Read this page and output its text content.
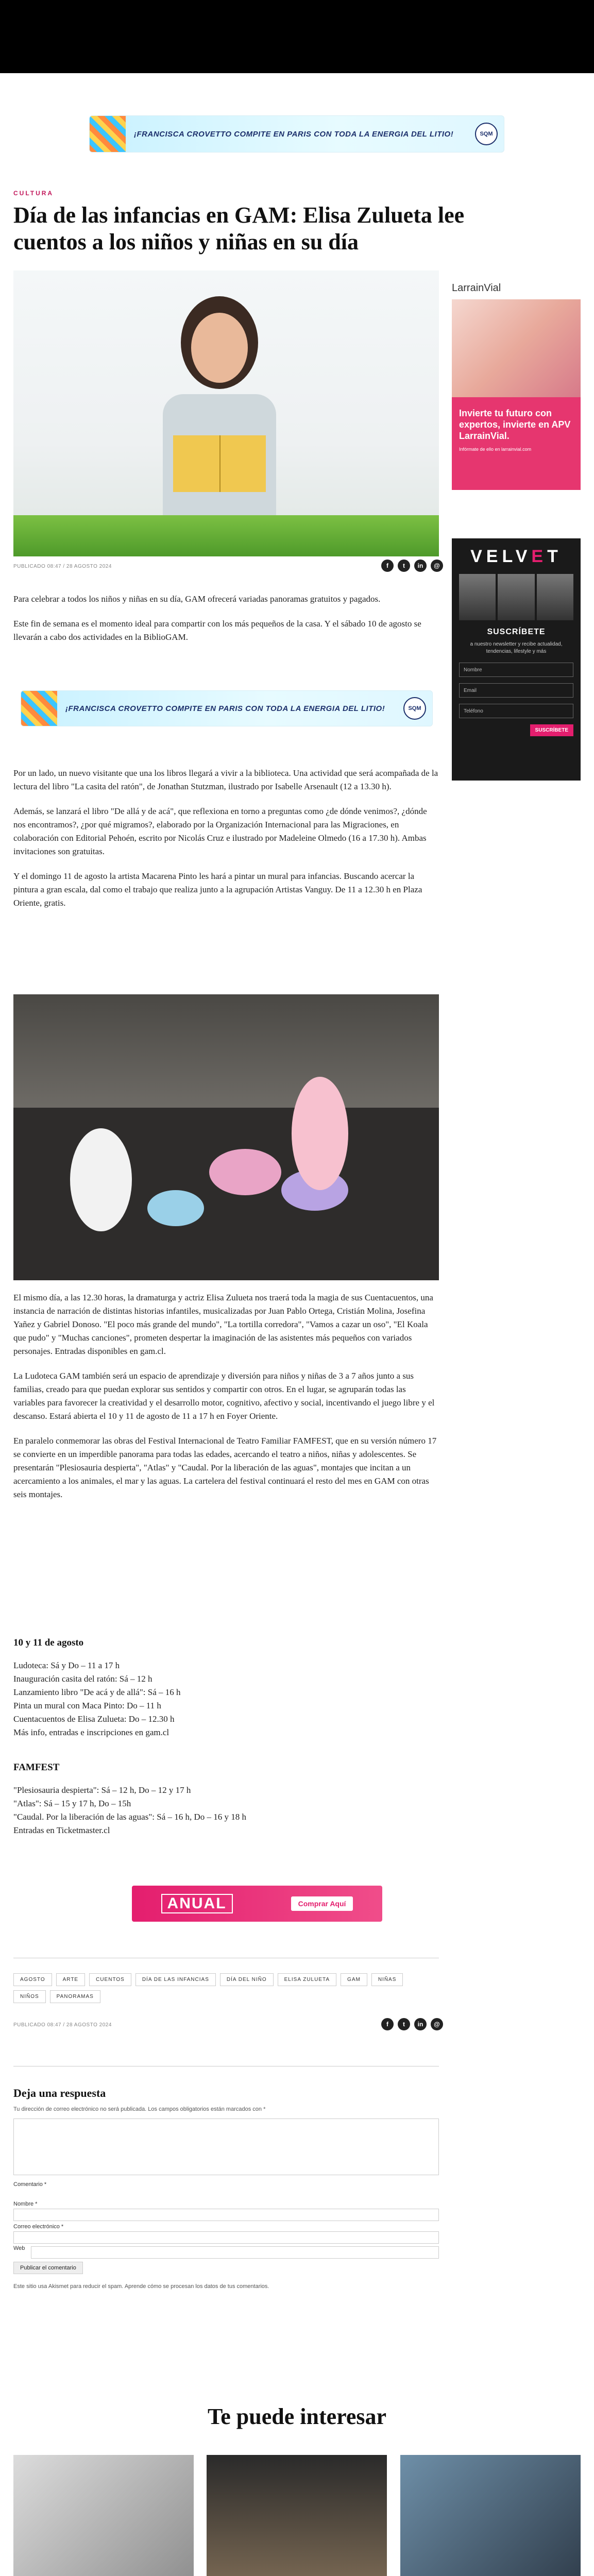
¡FRANCISCA CROVETTO COMPITE EN PARIS CON TODA LA ENERGIA DEL LITIO!	SQM
CULTURA
Día de las infancias en GAM: Elisa Zulueta lee cuentos a los niños y niñas en su día
PUBLICADO 08:47 / 28 AGOSTO 2024	f	t	in	@

Para celebrar a todos los niños y niñas en su día, GAM ofrecerá variadas panoramas gratuitos y pagados.

Este fin de semana es el momento ideal para compartir con los más pequeños de la casa. Y el sábado 10 de agosto se llevarán a cabo dos actividades en la BiblioGAM.

¡FRANCISCA CROVETTO COMPITE EN PARIS CON TODA LA ENERGIA DEL LITIO!	SQM

Por un lado, un nuevo visitante que una los libros llegará a vivir a la biblioteca. Una actividad que será acompañada de la lectura del libro "La casita del ratón", de Jonathan Stutzman, ilustrado por Isabelle Arsenault (12 a 13.30 h).

Además, se lanzará el libro "De allá y de acá", que reflexiona en torno a preguntas como ¿de dónde venimos?, ¿dónde nos encontramos?, ¿por qué migramos?, elaborado por la Organización Internacional para las Migraciones, en colaboración con Editorial Pehoén, escrito por Nicolás Cruz e ilustrado por Madeleine Olmedo (16 a 17.30 h). Ambas invitaciones son gratuitas.

Y el domingo 11 de agosto la artista Macarena Pinto les hará a pintar un mural para infancias. Buscando acercar la pintura a gran escala, dal como el trabajo que realiza junto a la agrupación Artistas Vanguy. De 11 a 12.30 h en Plaza Oriente, gratis.

El mismo día, a las 12.30 horas, la dramaturga y actriz Elisa Zulueta nos traerá toda la magia de sus Cuentacuentos, una instancia de narración de distintas historias infantiles, musicalizadas por Juan Pablo Ortega, Cristián Molina, Josefina Yañez y Gabriel Donoso. "El poco más grande del mundo", "La tortilla corredora", "Vamos a cazar un oso", "El Koala que pudo" y "Muchas canciones", prometen despertar la imaginación de las asistentes más pequeños con variados personajes. Entradas disponibles en gam.cl.

La Ludoteca GAM también será un espacio de aprendizaje y diversión para niños y niñas de 3 a 7 años junto a sus familias, creado para que puedan explorar sus sentidos y compartir con otros. En el lugar, se agruparán todas las variables para favorecer la creatividad y el desarrollo motor, cognitivo, afectivo y social, incentivando el juego libre y el descanso. Estará abierta el 10 y 11 de agosto de 11 a 17 h en Foyer Oriente.

En paralelo conmemorar las obras del Festival Internacional de Teatro Familiar FAMFEST, que en su versión número 17 se convierte en un imperdible panorama para todas las edades, acercando el teatro a niños, niñas y adolescentes. Se presentarán "Plesiosauria despierta", "Atlas" y "Caudal. Por la liberación de las aguas", montajes que incitan a un acercamiento a los animales, el mar y las aguas. La cartelera del festival continuará el resto del mes en GAM con otras seis montajes.

10 y 11 de agosto
Ludoteca: Sá y Do – 11 a 17 h
Inauguración casita del ratón: Sá – 12 h
Lanzamiento libro "De acá y de allá": Sá – 16 h
Pinta un mural con Maca Pinto: Do – 11 h
Cuentacuentos de Elisa Zulueta: Do – 12.30 h
Más info, entradas e inscripciones en gam.cl
FAMFEST
"Plesiosauria despierta": Sá – 12 h, Do – 12 y 17 h
"Atlas": Sá – 15 y 17 h, Do – 15h
"Caudal. Por la liberación de las aguas": Sá – 16 h, Do – 16 y 18 h
Entradas en Ticketmaster.cl
ANUAL	Comprar Aquí
AGOSTO	ARTE	CUENTOS	DÍA DE LAS INFANCIAS	DÍA DEL NIÑO	ELISA ZULUETA	GAM	NIÑAS
NIÑOS	PANORAMAS
PUBLICADO 08:47 / 28 AGOSTO 2024	f	t	in	@
Deja una respuesta
Tu dirección de correo electrónico no será publicada. Los campos obligatorios están marcados con *
Comentario *
Nombre *
Correo electrónico *
Web
Publicar el comentario
Este sitio usa Akismet para reducir el spam. Aprende cómo se procesan los datos de tus comentarios.
LarrainVial
Invierte tu futuro con expertos, invierte en APV LarrainVial.
Infórmate de ello en larrainvial.com
VELVET
SUSCRÍBETE
a nuestro newsletter y recibe actualidad, tendencias, lifestyle y más
Nombre
Email
Teléfono
SUSCRÍBETE
Te puede interesar
